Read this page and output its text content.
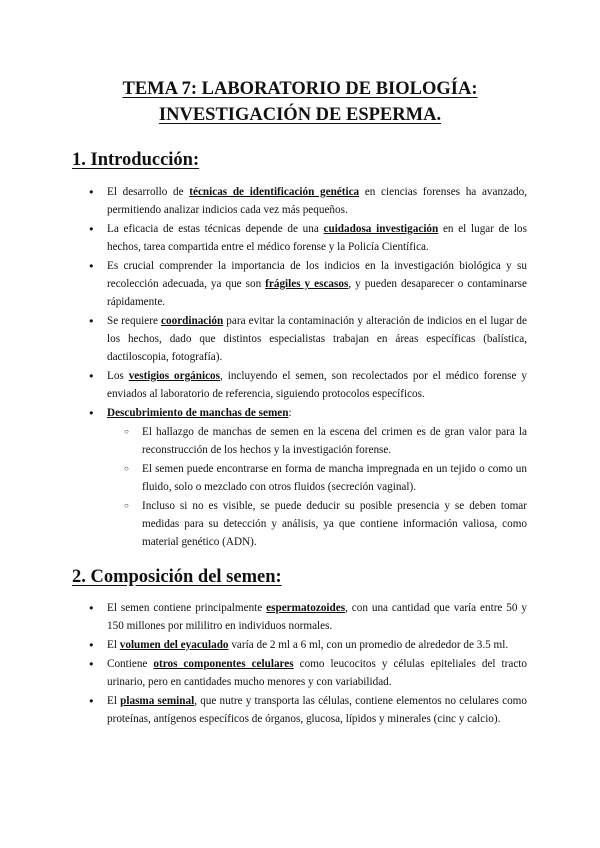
TEMA 7: LABORATORIO DE BIOLOGÍA:
INVESTIGACIÓN DE ESPERMA.
1. Introducción:
● El desarrollo de técnicas de identificación genética en ciencias forenses ha avanzado, permitiendo analizar indicios cada vez más pequeños.
● La eficacia de estas técnicas depende de una cuidadosa investigación en el lugar de los hechos, tarea compartida entre el médico forense y la Policía Científica.
● Es crucial comprender la importancia de los indicios en la investigación biológica y su recolección adecuada, ya que son frágiles y escasos, y pueden desaparecer o contaminarse rápidamente.
● Se requiere coordinación para evitar la contaminación y alteración de indicios en el lugar de los hechos, dado que distintos especialistas trabajan en áreas específicas (balística, dactiloscopia, fotografía).
● Los vestigios orgánicos, incluyendo el semen, son recolectados por el médico forense y enviados al laboratorio de referencia, siguiendo protocolos específicos.
● Descubrimiento de manchas de semen:
○ El hallazgo de manchas de semen en la escena del crimen es de gran valor para la reconstrucción de los hechos y la investigación forense.
○ El semen puede encontrarse en forma de mancha impregnada en un tejido o como un fluido, solo o mezclado con otros fluidos (secreción vaginal).
○ Incluso si no es visible, se puede deducir su posible presencia y se deben tomar medidas para su detección y análisis, ya que contiene información valiosa, como material genético (ADN).
2. Composición del semen:
● El semen contiene principalmente espermatozoides, con una cantidad que varía entre 50 y 150 millones por mililitro en individuos normales.
● El volumen del eyaculado varía de 2 ml a 6 ml, con un promedio de alrededor de 3.5 ml.
● Contiene otros componentes celulares como leucocitos y células epiteliales del tracto urinario, pero en cantidades mucho menores y con variabilidad.
● El plasma seminal, que nutre y transporta las células, contiene elementos no celulares como proteínas, antígenos específicos de órganos, glucosa, lípidos y minerales (cinc y calcio).
